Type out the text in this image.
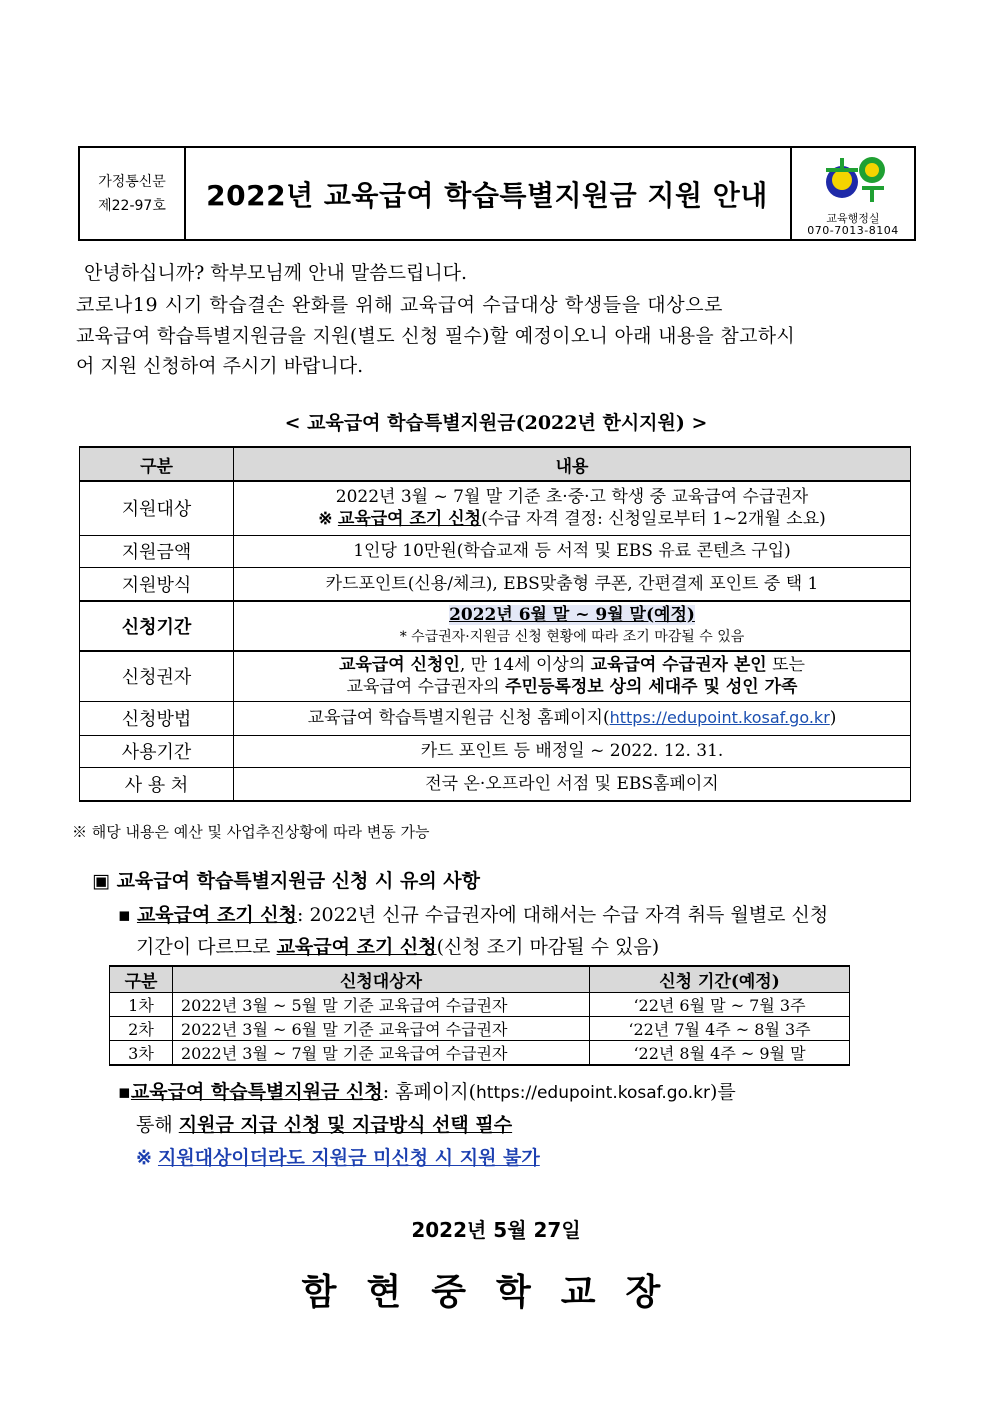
가정통신문
제22-97호	2022년 교육급여 학습특별지원금 지원 안내
교육행정실
070-7013-8104
안녕하십니까? 학부모님께 안내 말씀드립니다.
코로나19 시기 학습결손 완화를 위해 교육급여 수급대상 학생들을 대상으로
교육급여 학습특별지원금을 지원(별도 신청 필수)할 예정이오니 아래 내용을 참고하시
어 지원 신청하여 주시기 바랍니다.
< 교육급여 학습특별지원금(2022년 한시지원) >
구분	내용
지원대상	2022년 3월 ~ 7월 말 기준 초·중·고 학생 중 교육급여 수급권자
※ 교육급여 조기 신청(수급 자격 결정: 신청일로부터 1~2개월 소요)

지원금액	1인당 10만원(학습교재 등 서적 및 EBS 유료 콘텐츠 구입)
지원방식	카드포인트(신용/체크), EBS맞춤형 쿠폰, 간편결제 포인트 중 택 1
신청기간	2022년 6월 말 ~ 9월 말(예정)
* 수급권자·지원금 신청 현황에 따라 조기 마감될 수 있음

신청권자	교육급여 신청인, 만 14세 이상의 교육급여 수급권자 본인 또는
교육급여 수급권자의 주민등록정보 상의 세대주 및 성인 가족

신청방법	교육급여 학습특별지원금 신청 홈페이지(https://edupoint.kosaf.go.kr)
사용기간	카드 포인트 등 배정일 ~ 2022. 12. 31.
사 용 처	전국 온·오프라인 서점 및 EBS홈페이지
※ 해당 내용은 예산 및 사업추진상황에 따라 변동 가능
▣ 교육급여 학습특별지원금 신청 시 유의 사항
▪ 교육급여 조기 신청: 2022년 신규 수급권자에 대해서는 수급 자격 취득 월별로 신청
기간이 다르므로 교육급여 조기 신청(신청 조기 마감될 수 있음)
구분	신청대상자	신청 기간(예정)
1차	2022년 3월 ~ 5월 말 기준 교육급여 수급권자	‘22년 6월 말 ~ 7월 3주
2차	2022년 3월 ~ 6월 말 기준 교육급여 수급권자	‘22년 7월 4주 ~ 8월 3주
3차	2022년 3월 ~ 7월 말 기준 교육급여 수급권자	‘22년 8월 4주 ~ 9월 말
▪교육급여 학습특별지원금 신청: 홈페이지(https://edupoint.kosaf.go.kr)를
통해 지원금 지급 신청 및 지급방식 선택 필수
※ 지원대상이더라도 지원금 미신청 시 지원 불가
2022년 5월 27일
함현중학교장
